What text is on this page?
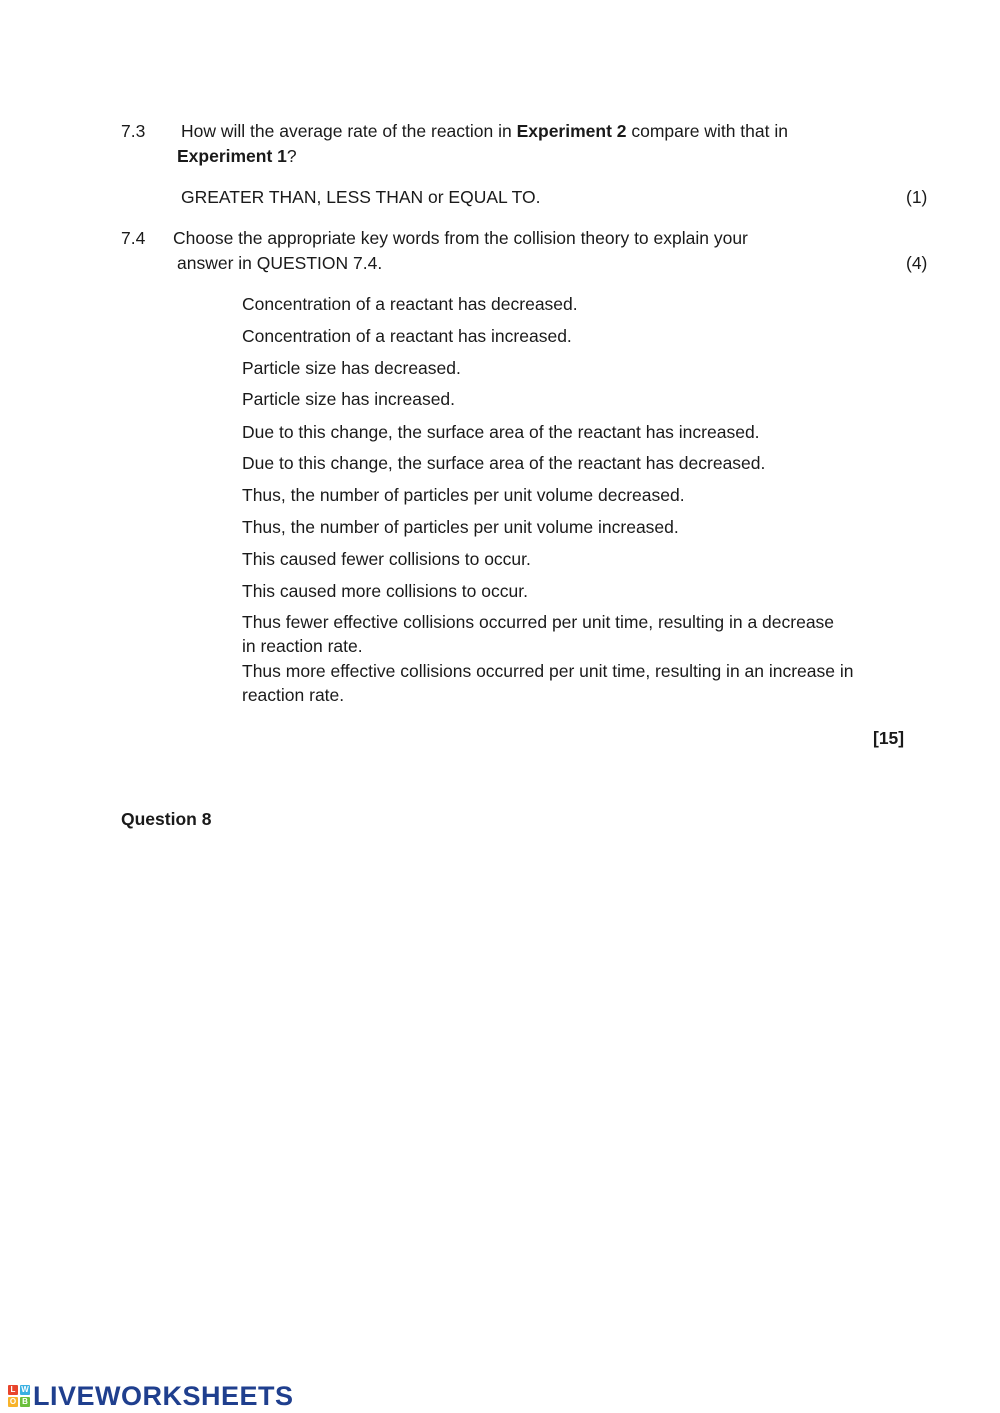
7.3 How will the average rate of the reaction in Experiment 2 compare with that in
Experiment 1?
GREATER THAN, LESS THAN or EQUAL TO.	(1)
7.4 Choose the appropriate key words from the collision theory to explain your
answer in QUESTION 7.4.	(4)
Concentration of a reactant has decreased.
Concentration of a reactant has increased.
Particle size has decreased.
Particle size has increased.
Due to this change, the surface area of the reactant has increased.
Due to this change, the surface area of the reactant has decreased.
Thus, the number of particles per unit volume decreased.
Thus, the number of particles per unit volume increased.
This caused fewer collisions to occur.
This caused more collisions to occur.
Thus fewer effective collisions occurred per unit time, resulting in a decrease
in reaction rate.
Thus more effective collisions occurred per unit time, resulting in an increase in
reaction rate.
[15]
Question 8
L W
O B LIVEWORKSHEETS
